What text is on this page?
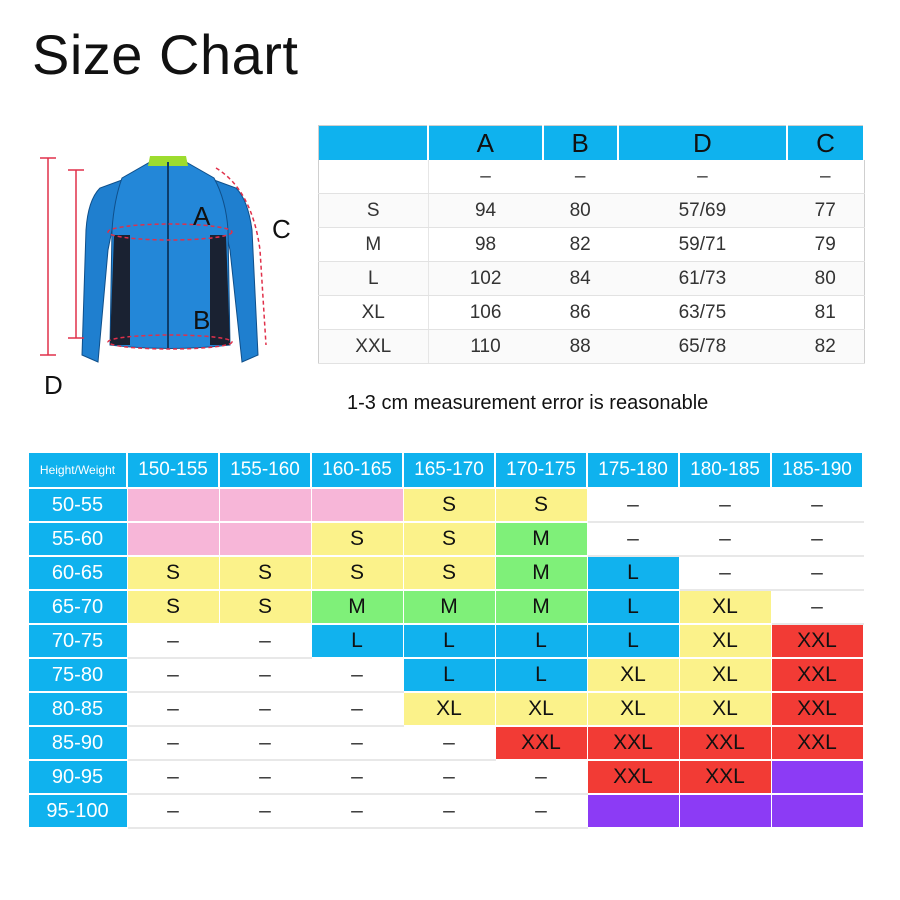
Size Chart
A
B
C
D
	A	B	D	C
	–	–	–	–
S	94	80	57/69	77
M	98	82	59/71	79
L	102	84	61/73	80
XL	106	86	63/75	81
XXL	110	88	65/78	82
1-3 cm measurement error is reasonable
Height/Weight	150-155	155-160	160-165	165-170	170-175	175-180	180-185	185-190
50-55				S	S	–	–	–
55-60			S	S	M	–	–	–
60-65	S	S	S	S	M	L	–	–
65-70	S	S	M	M	M	L	XL	–
70-75	–	–	L	L	L	L	XL	XXL
75-80	–	–	–	L	L	XL	XL	XXL
80-85	–	–	–	XL	XL	XL	XL	XXL
85-90	–	–	–	–	XXL	XXL	XXL	XXL
90-95	–	–	–	–	–	XXL	XXL	
95-100	–	–	–	–	–			
